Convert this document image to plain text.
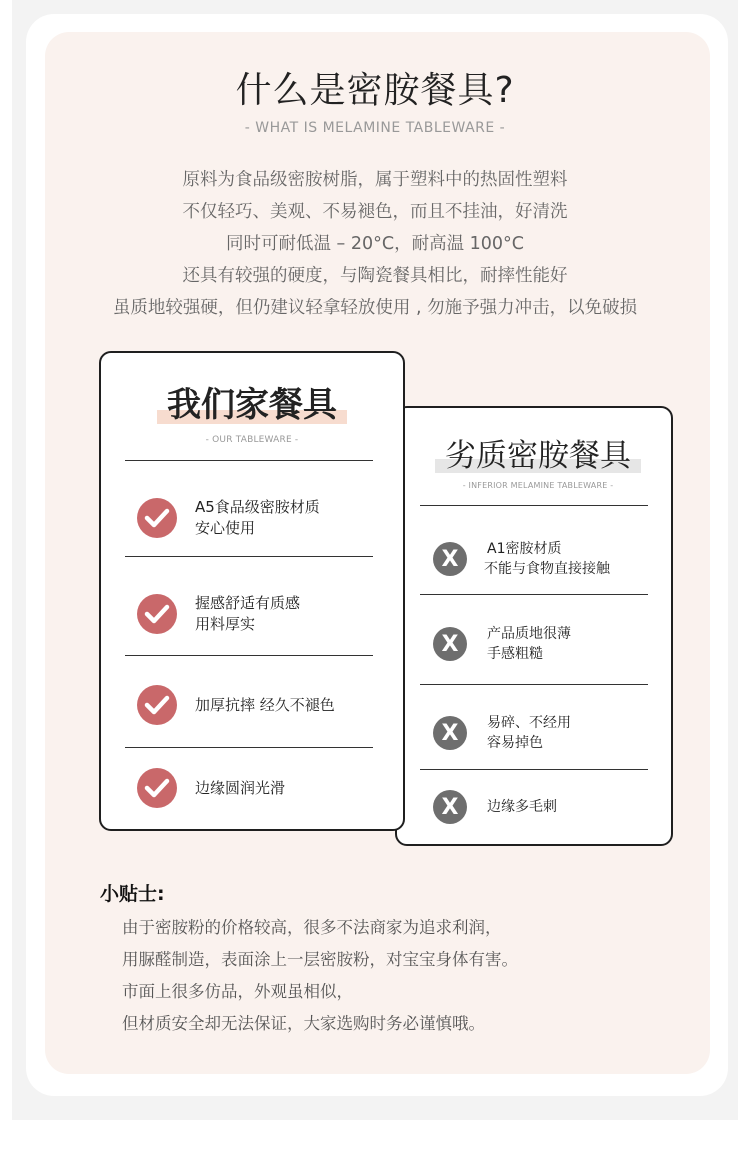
什么是密胺餐具?
- WHAT IS MELAMINE TABLEWARE -
原料为食品级密胺树脂，属于塑料中的热固性塑料
不仅轻巧、美观、不易褪色，而且不挂油，好清洗
同时可耐低温 – 20°C，耐高温 100°C
还具有较强的硬度，与陶瓷餐具相比，耐摔性能好
虽质地较强硬，但仍建议轻拿轻放使用 , 勿施予强力冲击，以免破损
我们家餐具
- OUR TABLEWARE -
A5食品级密胺材质
安心使用
握感舒适有质感
用料厚实
加厚抗摔 经久不褪色
边缘圆润光滑
劣质密胺餐具
- INFERIOR MELAMINE TABLEWARE -
X	A1密胺材质
不能与食物直接接触
X	产品质地很薄
手感粗糙
X	易碎、不经用
容易掉色
X	边缘多毛刺
小贴士:
由于密胺粉的价格较高，很多不法商家为追求利润，
用脲醛制造，表面涂上一层密胺粉，对宝宝身体有害。
市面上很多仿品，外观虽相似，
但材质安全却无法保证，大家选购时务必谨慎哦。
